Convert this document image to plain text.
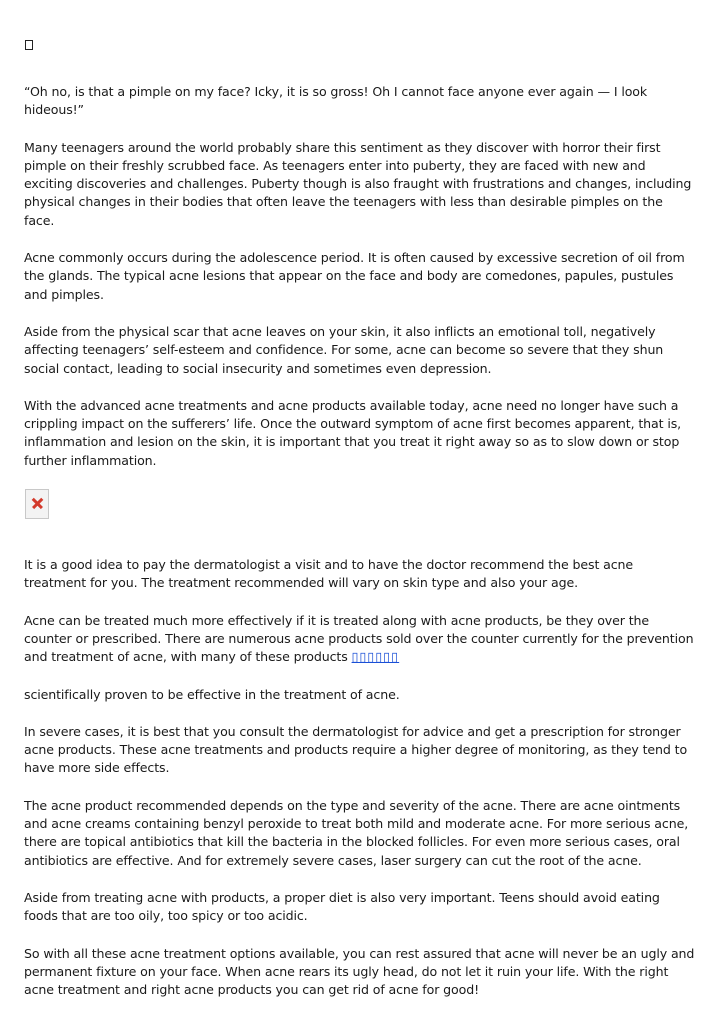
“Oh no, is that a pimple on my face? Icky, it is so gross! Oh I cannot face anyone ever again — I look hideous!”

Many teenagers around the world probably share this sentiment as they discover with horror their first pimple on their freshly scrubbed face. As teenagers enter into puberty, they are faced with new and exciting discoveries and challenges. Puberty though is also fraught with frustrations and changes, including physical changes in their bodies that often leave the teenagers with less than desirable pimples on the face.

Acne commonly occurs during the adolescence period. It is often caused by excessive secretion of oil from the glands. The typical acne lesions that appear on the face and body are comedones, papules, pustules and pimples.

Aside from the physical scar that acne leaves on your skin, it also inflicts an emotional toll, negatively affecting teenagers’ self-esteem and confidence. For some, acne can become so severe that they shun social contact, leading to social insecurity and sometimes even depression.

With the advanced acne treatments and acne products available today, acne need no longer have such a crippling impact on the sufferers’ life. Once the outward symptom of acne first becomes apparent, that is, inflammation and lesion on the skin, it is important that you treat it right away so as to slow down or stop further inflammation.

It is a good idea to pay the dermatologist a visit and to have the doctor recommend the best acne treatment for you. The treatment recommended will vary on skin type and also your age.

Acne can be treated much more effectively if it is treated along with acne products, be they over the counter or prescribed. There are numerous acne products sold over the counter currently for the prevention and treatment of acne, with many of these products ▯▯▯▯▯▯

scientifically proven to be effective in the treatment of acne.

In severe cases, it is best that you consult the dermatologist for advice and get a prescription for stronger acne products. These acne treatments and products require a higher degree of monitoring, as they tend to have more side effects.

The acne product recommended depends on the type and severity of the acne. There are acne ointments and acne creams containing benzyl peroxide to treat both mild and moderate acne. For more serious acne, there are topical antibiotics that kill the bacteria in the blocked follicles. For even more serious cases, oral antibiotics are effective. And for extremely severe cases, laser surgery can cut the root of the acne.

Aside from treating acne with products, a proper diet is also very important. Teens should avoid eating foods that are too oily, too spicy or too acidic.

So with all these acne treatment options available, you can rest assured that acne will never be an ugly and permanent fixture on your face. When acne rears its ugly head, do not let it ruin your life. With the right acne treatment and right acne products you can get rid of acne for good!
